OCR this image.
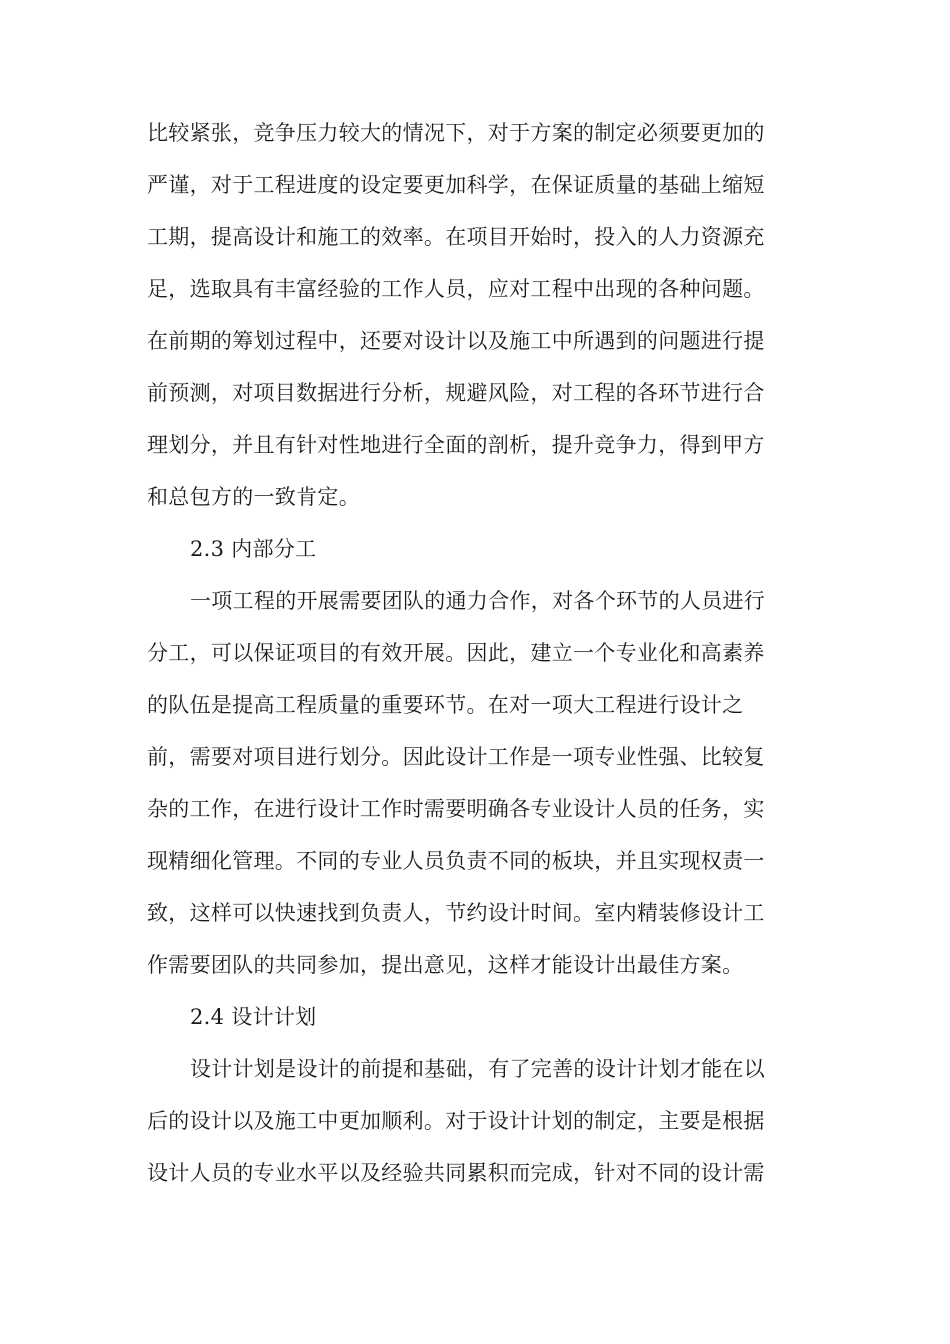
比较紧张，竞争压力较大的情况下，对于方案的制定必须要更加的
严谨，对于工程进度的设定要更加科学，在保证质量的基础上缩短
工期，提高设计和施工的效率。在项目开始时，投入的人力资源充
足，选取具有丰富经验的工作人员，应对工程中出现的各种问题。
在前期的筹划过程中，还要对设计以及施工中所遇到的问题进行提
前预测，对项目数据进行分析，规避风险，对工程的各环节进行合
理划分，并且有针对性地进行全面的剖析，提升竞争力，得到甲方
和总包方的一致肯定。
2.3 内部分工
一项工程的开展需要团队的通力合作，对各个环节的人员进行
分工，可以保证项目的有效开展。因此，建立一个专业化和高素养
的队伍是提高工程质量的重要环节。在对一项大工程进行设计之
前，需要对项目进行划分。因此设计工作是一项专业性强、比较复
杂的工作，在进行设计工作时需要明确各专业设计人员的任务，实
现精细化管理。不同的专业人员负责不同的板块，并且实现权责一
致，这样可以快速找到负责人，节约设计时间。室内精装修设计工
作需要团队的共同参加，提出意见，这样才能设计出最佳方案。
2.4 设计计划
设计计划是设计的前提和基础，有了完善的设计计划才能在以
后的设计以及施工中更加顺利。对于设计计划的制定，主要是根据
设计人员的专业水平以及经验共同累积而完成，针对不同的设计需
